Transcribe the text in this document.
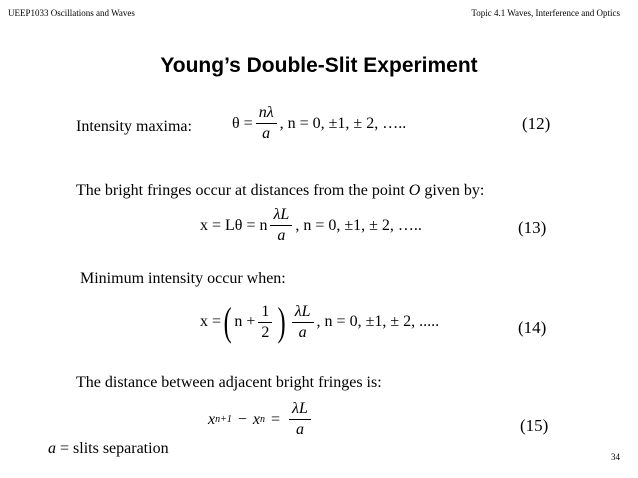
UEEP1033 Oscillations and Waves	Topic 4.1 Waves, Interference and Optics
Young’s Double-Slit Experiment
Intensity maxima:	$\theta = \frac{n\lambda}{a}$ , n = 0, ±1, ± 2, …..	(12)
The bright fringes occur at distances from the point O given by:
x = Lθ = n $\frac{\lambda L}{a}$ , n = 0, ±1, ± 2, …..	(13)
Minimum intensity occur when:
x = ( $n + \frac{1}{2}$ ) $\frac{\lambda L}{a}$ , n = 0, ±1, ± 2, .....	(14)
The distance between adjacent bright fringes is:
x n+1 − x $n = \frac{\lambda L}{a}$	(15)
a = slits separation	34
